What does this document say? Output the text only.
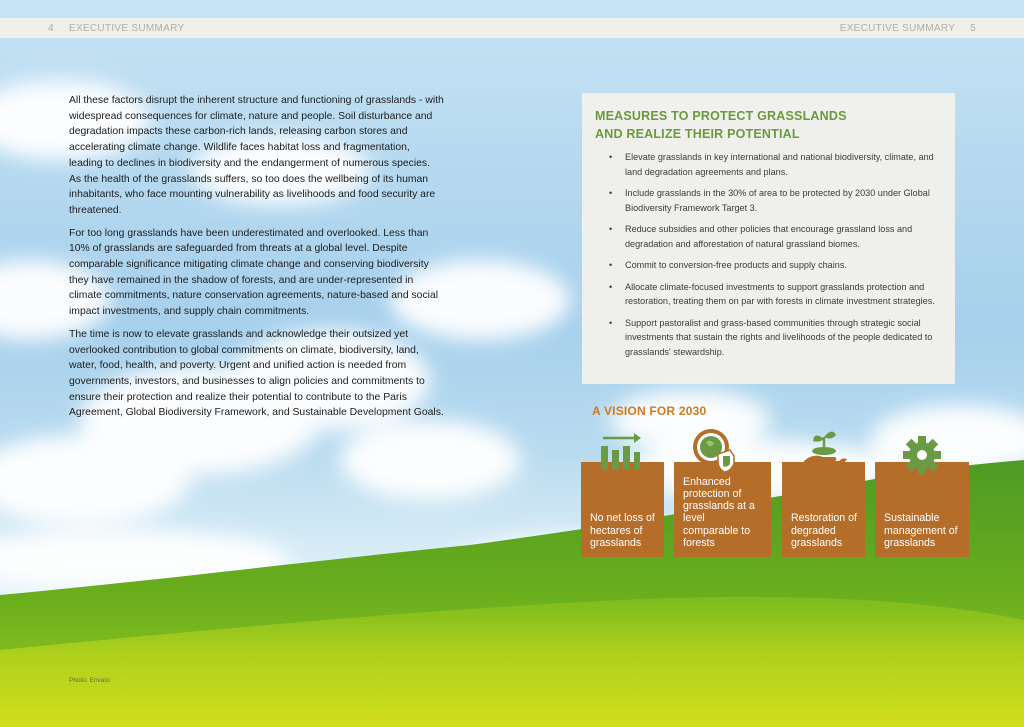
4 EXECUTIVE SUMMARY	EXECUTIVE SUMMARY 5

All these factors disrupt the inherent structure and functioning of grasslands - with widespread consequences for climate, nature and people. Soil disturbance and degradation impacts these carbon-rich lands, releasing carbon stores and accelerating climate change. Wildlife faces habitat loss and fragmentation, leading to declines in biodiversity and the endangerment of numerous species. As the health of the grasslands suffers, so too does the wellbeing of its human inhabitants, who face mounting vulnerability as livelihoods and food security are threatened.

For too long grasslands have been underestimated and overlooked. Less than 10% of grasslands are safeguarded from threats at a global level. Despite comparable significance mitigating climate change and conserving biodiversity they have remained in the shadow of forests, and are under-represented in climate commitments, nature conservation agreements, nature-based and social impact investments, and supply chain commitments.

The time is now to elevate grasslands and acknowledge their outsized yet overlooked contribution to global commitments on climate, biodiversity, land, water, food, health, and poverty. Urgent and unified action is needed from governments, investors, and businesses to align policies and commitments to ensure their protection and realize their potential to contribute to the Paris Agreement, Global Biodiversity Framework, and Sustainable Development Goals.

Photo: Envato
MEASURES TO PROTECT GRASSLANDS
AND REALIZE THEIR POTENTIAL
• Elevate grasslands in key international and national biodiversity, climate, and land degradation agreements and plans.
• Include grasslands in the 30% of area to be protected by 2030 under Global Biodiversity Framework Target 3.
• Reduce subsidies and other policies that encourage grassland loss and degradation and afforestation of natural grassland biomes.
• Commit to conversion-free products and supply chains.
• Allocate climate-focused investments to support grasslands protection and restoration, treating them on par with forests in climate investment strategies.
• Support pastoralist and grass-based communities through strategic social investments that sustain the rights and livelihoods of the people dedicated to grasslands' stewardship.
A VISION FOR 2030
No net loss of hectares of grasslands
Enhanced protection of grasslands at a level comparable to forests
Restoration of degraded grasslands
Sustainable management of grasslands
